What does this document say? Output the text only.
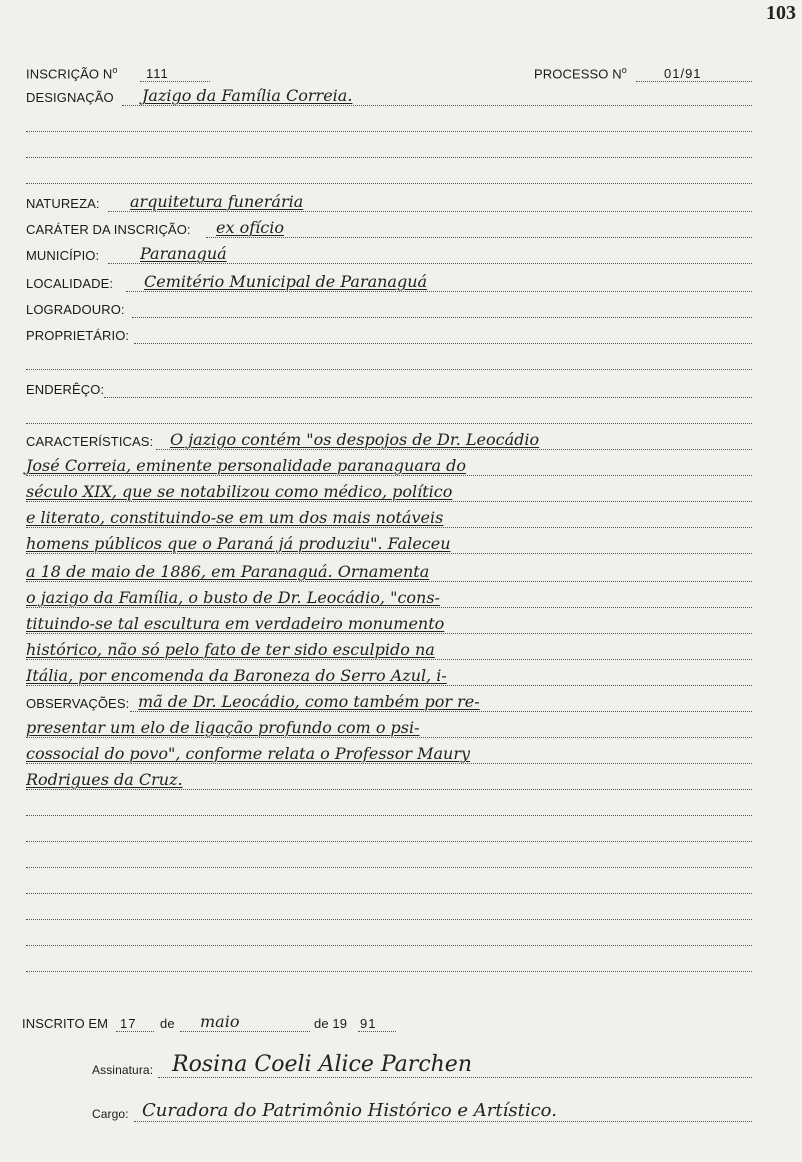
103
INSCRIÇÃO $N^o$ 111	PROCESSO $N^o$	01/91
DESIGNAÇÃO Jazigo da Família Correia.
NATUREZA: arquitetura funerária
CARÁTER DA INSCRIÇÃO: ex ofício
MUNICÍPIO:	Paranaguá
LOCALIDADE: Cemitério Municipal de Paranaguá
LOGRADOURO:
PROPRIETÁRIO:
ENDERÊÇO:
CARACTERÍSTICAS: O jazigo contém "os despojos de Dr. Leocádio
José Correia, eminente personalidade paranaguara do
século XIX, que se notabilizou como médico, político
e literato, constituindo-se em um dos mais notáveis
homens públicos que o Paraná já produziu". Faleceu
a 18 de maio de 1886, em Paranaguá. Ornamenta
o jazigo da Família, o busto de Dr. Leocádio, "cons-
tituindo-se tal escultura em verdadeiro monumento
histórico, não só pelo fato de ter sido esculpido na
Itália, por encomenda da Baroneza do Serro Azul, i-
OBSERVAÇÕES: mã de Dr. Leocádio, como também por re-
presentar um elo de ligação profundo com o psi-
cossocial do povo", conforme relata o Professor Maury
Rodrigues da Cruz.
INSCRITO EM 17 de maio	de 19 91
Assinatura: Rosina Coeli Alice Parchen
Cargo: Curadora do Patrimônio Histórico e Artístico.
